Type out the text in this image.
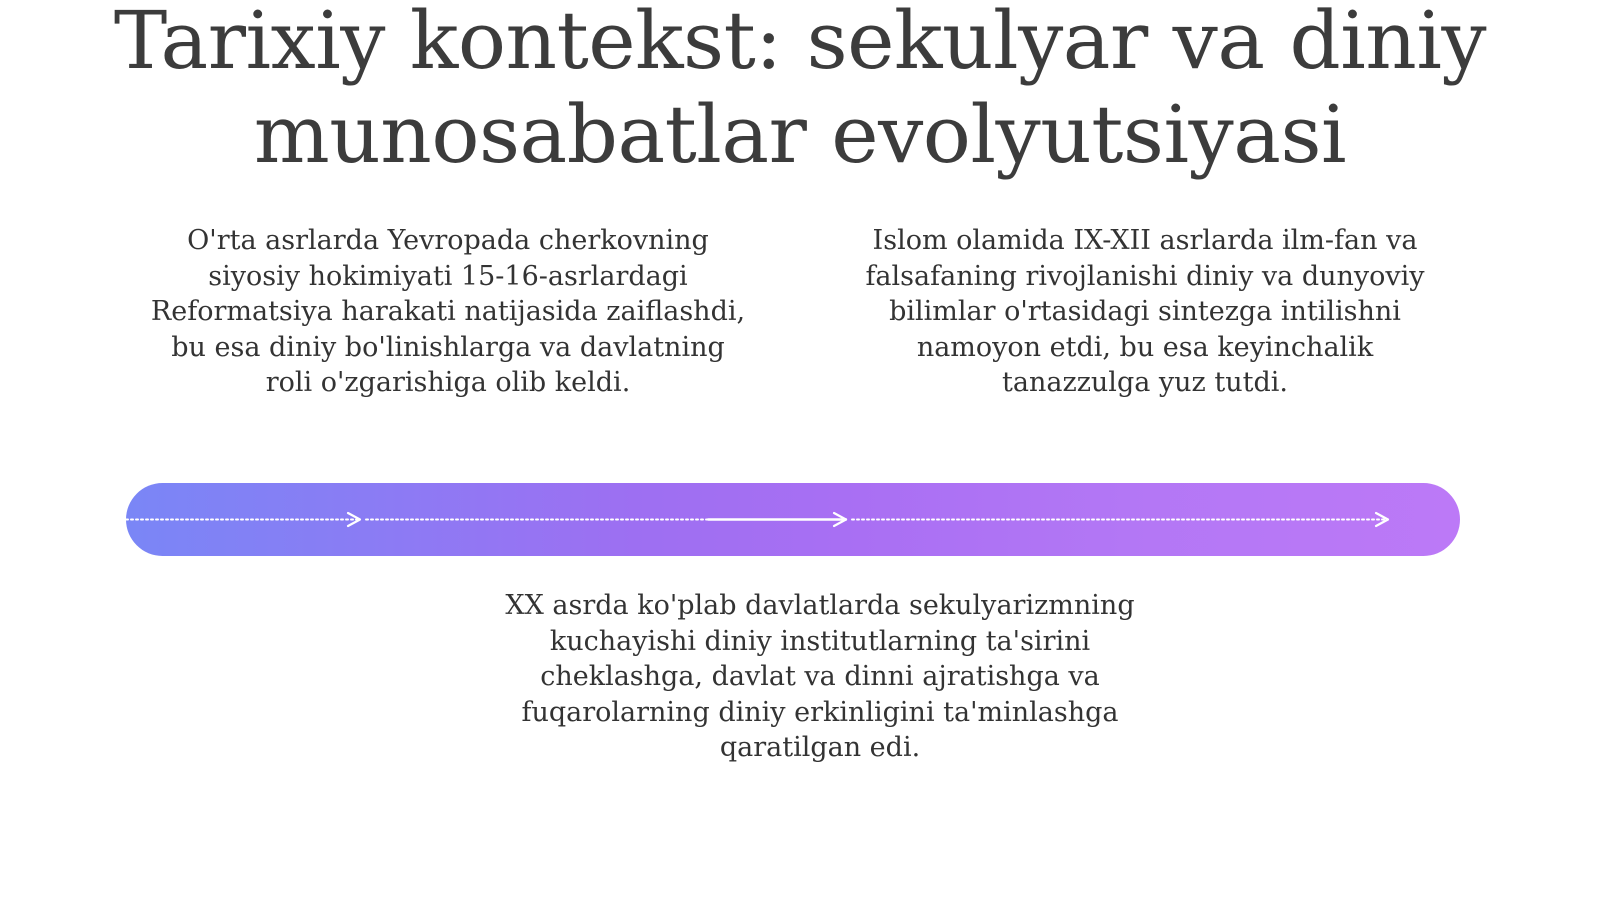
Tarixiy kontekst: sekulyar va diniy
munosabatlar evolyutsiyasi

O'rta asrlarda Yevropada cherkovning siyosiy hokimiyati 15-16-asrlardagi Reformatsiya harakati natijasida zaiflashdi, bu esa diniy bo'linishlarga va davlatning roli o'zgarishiga olib keldi.

Islom olamida IX-XII asrlarda ilm-fan va falsafaning rivojlanishi diniy va dunyoviy bilimlar o'rtasidagi sintezga intilishni namoyon etdi, bu esa keyinchalik tanazzulga yuz tutdi.

XX asrda ko'plab davlatlarda sekulyarizmning kuchayishi diniy institutlarning ta'sirini cheklashga, davlat va dinni ajratishga va fuqarolarning diniy erkinligini ta'minlashga qaratilgan edi.
